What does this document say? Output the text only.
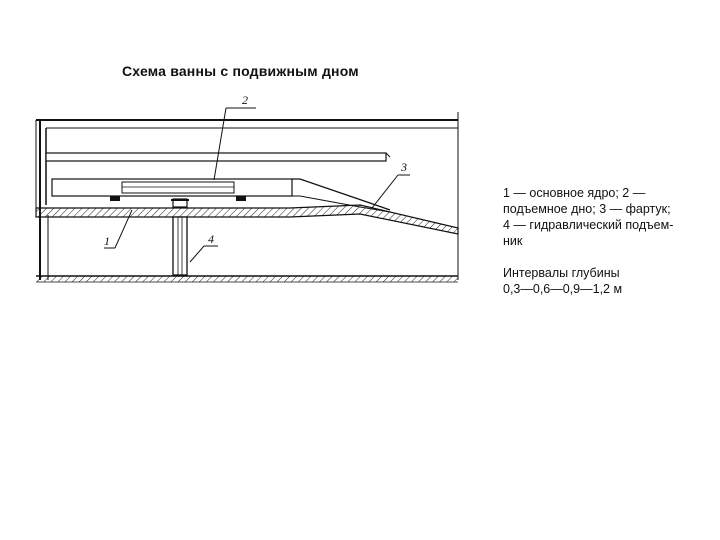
Схема ванны с подвижным дном
2
3
1	4
1 — основное ядро; 2 —
подъемное дно; 3 — фартук;
4 — гидравлический подъем-
ник
Интервалы глубины
0,3—0,6—0,9—1,2 м
